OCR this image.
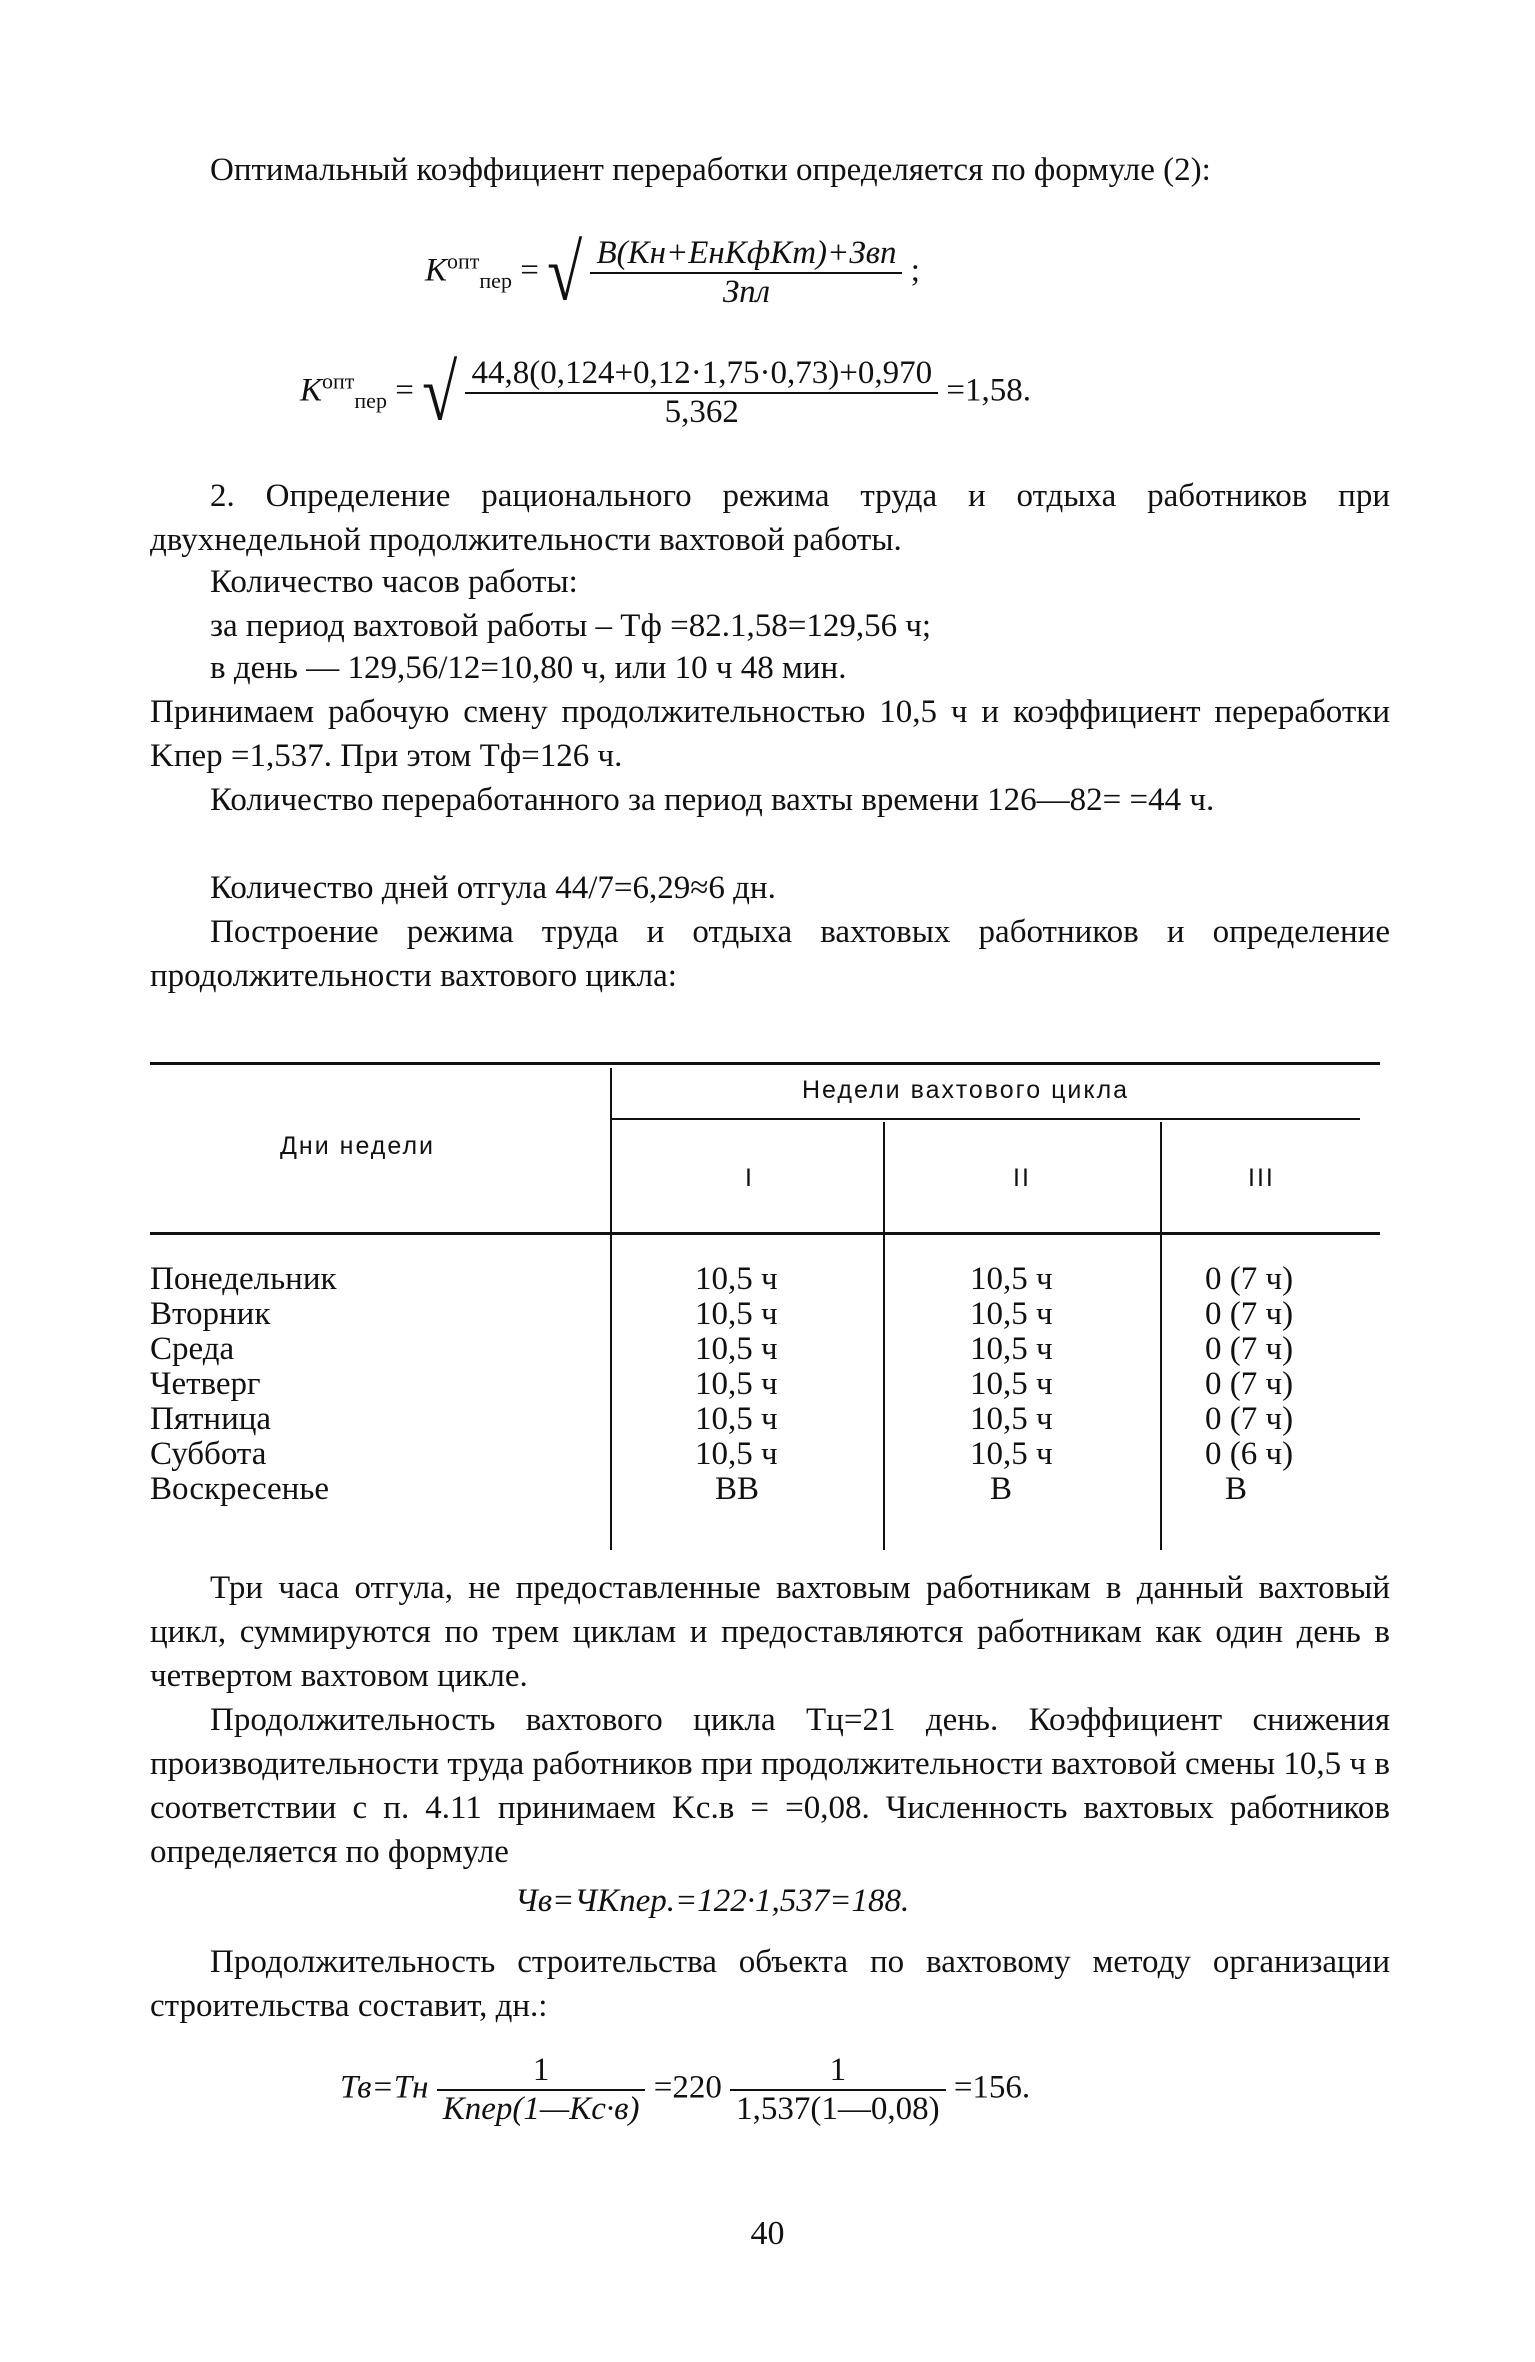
Оптимальный коэффициент переработки определяется по формуле (2):
$K^{опт}_{пер}$ = √ $\frac{\text{B(Kн+EнKфKт)+Звп}}{\text{Зпл}}$ ;
$K^{опт}_{пер}$ = √ $\frac{44,8(0,124+0,12\cdot 1,75\cdot 0,73)+0,970}{5,362} =1,58$.
2. Определение рационального режима труда и отдыха работников при двухнедельной продолжительности вахтовой работы.
Количество часов работы:
за период вахтовой работы – Тф =82.1,58=129,56 ч;
в день — 129,56/12=10,80 ч, или 10 ч 48 мин.
Принимаем рабочую смену продолжительностью 10,5 ч и коэффициент переработки Kпер =1,537. При этом Тф=126 ч.
Количество переработанного за период вахты времени 126—82= =44 ч.
Количество дней отгула 44/7=6,29≈6 дн.
Построение режима труда и отдыха вахтовых работников и определение продолжительности вахтового цикла:
Дни недели
Недели вахтового цикла
I	II	III
Понедельник	10,5 ч	10,5 ч	0 (7 ч)
Вторник	10,5 ч	10,5 ч	0 (7 ч)
Среда	10,5 ч	10,5 ч	0 (7 ч)
Четверг	10,5 ч	10,5 ч	0 (7 ч)
Пятница	10,5 ч	10,5 ч	0 (7 ч)
Суббота	10,5 ч	10,5 ч	0 (6 ч)
Воскресенье	ВВ	В	В
Три часа отгула, не предоставленные вахтовым работникам в данный вахтовый цикл, суммируются по трем циклам и предоставляются работникам как один день в четвертом вахтовом цикле.
Продолжительность вахтового цикла Тц=21 день. Коэффициент снижения производительности труда работников при продолжительности вахтовой смены 10,5 ч в соответствии с п. 4.11 принимаем Kс.в = =0,08. Численность вахтовых работников определяется по формуле
Чв=ЧKпер.=122·1,537=188.
Продолжительность строительства объекта по вахтовому методу организации строительства составит, дн.:
$Тв=Тн \frac{1}{\text{Kпер(1—Kс·в)}} =220 \frac{1}{1,537(1—0,08)} =156$.
40
